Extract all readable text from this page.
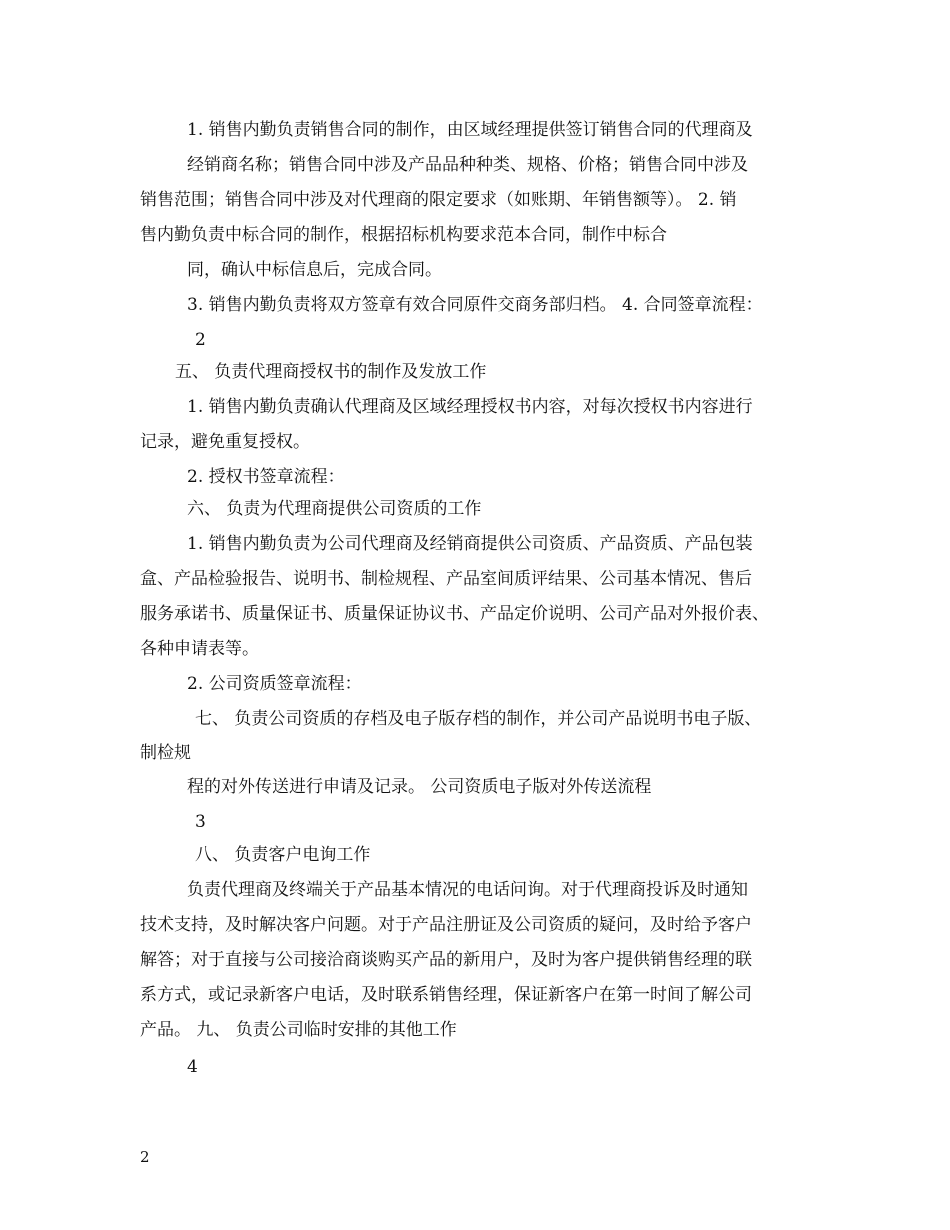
1. 销售内勤负责销售合同的制作，由区域经理提供签订销售合同的代理商及
经销商名称；销售合同中涉及产品品种种类、规格、价格；销售合同中涉及
销售范围；销售合同中涉及对代理商的限定要求（如账期、年销售额等）。 2. 销
售内勤负责中标合同的制作，根据招标机构要求范本合同，制作中标合
同，确认中标信息后，完成合同。
3. 销售内勤负责将双方签章有效合同原件交商务部归档。 4. 合同签章流程：
2
五、 负责代理商授权书的制作及发放工作
1. 销售内勤负责确认代理商及区域经理授权书内容，对每次授权书内容进行
记录，避免重复授权。
2. 授权书签章流程：
六、 负责为代理商提供公司资质的工作
1. 销售内勤负责为公司代理商及经销商提供公司资质、产品资质、产品包装
盒、产品检验报告、说明书、制检规程、产品室间质评结果、公司基本情况、售后
服务承诺书、质量保证书、质量保证协议书、产品定价说明、公司产品对外报价表、
各种申请表等。
2. 公司资质签章流程：
七、 负责公司资质的存档及电子版存档的制作，并公司产品说明书电子版、
制检规
程的对外传送进行申请及记录。 公司资质电子版对外传送流程
3
八、 负责客户电询工作
负责代理商及终端关于产品基本情况的电话问询。对于代理商投诉及时通知
技术支持，及时解决客户问题。对于产品注册证及公司资质的疑问，及时给予客户
解答；对于直接与公司接洽商谈购买产品的新用户，及时为客户提供销售经理的联
系方式，或记录新客户电话，及时联系销售经理，保证新客户在第一时间了解公司
产品。 九、 负责公司临时安排的其他工作
4
2
